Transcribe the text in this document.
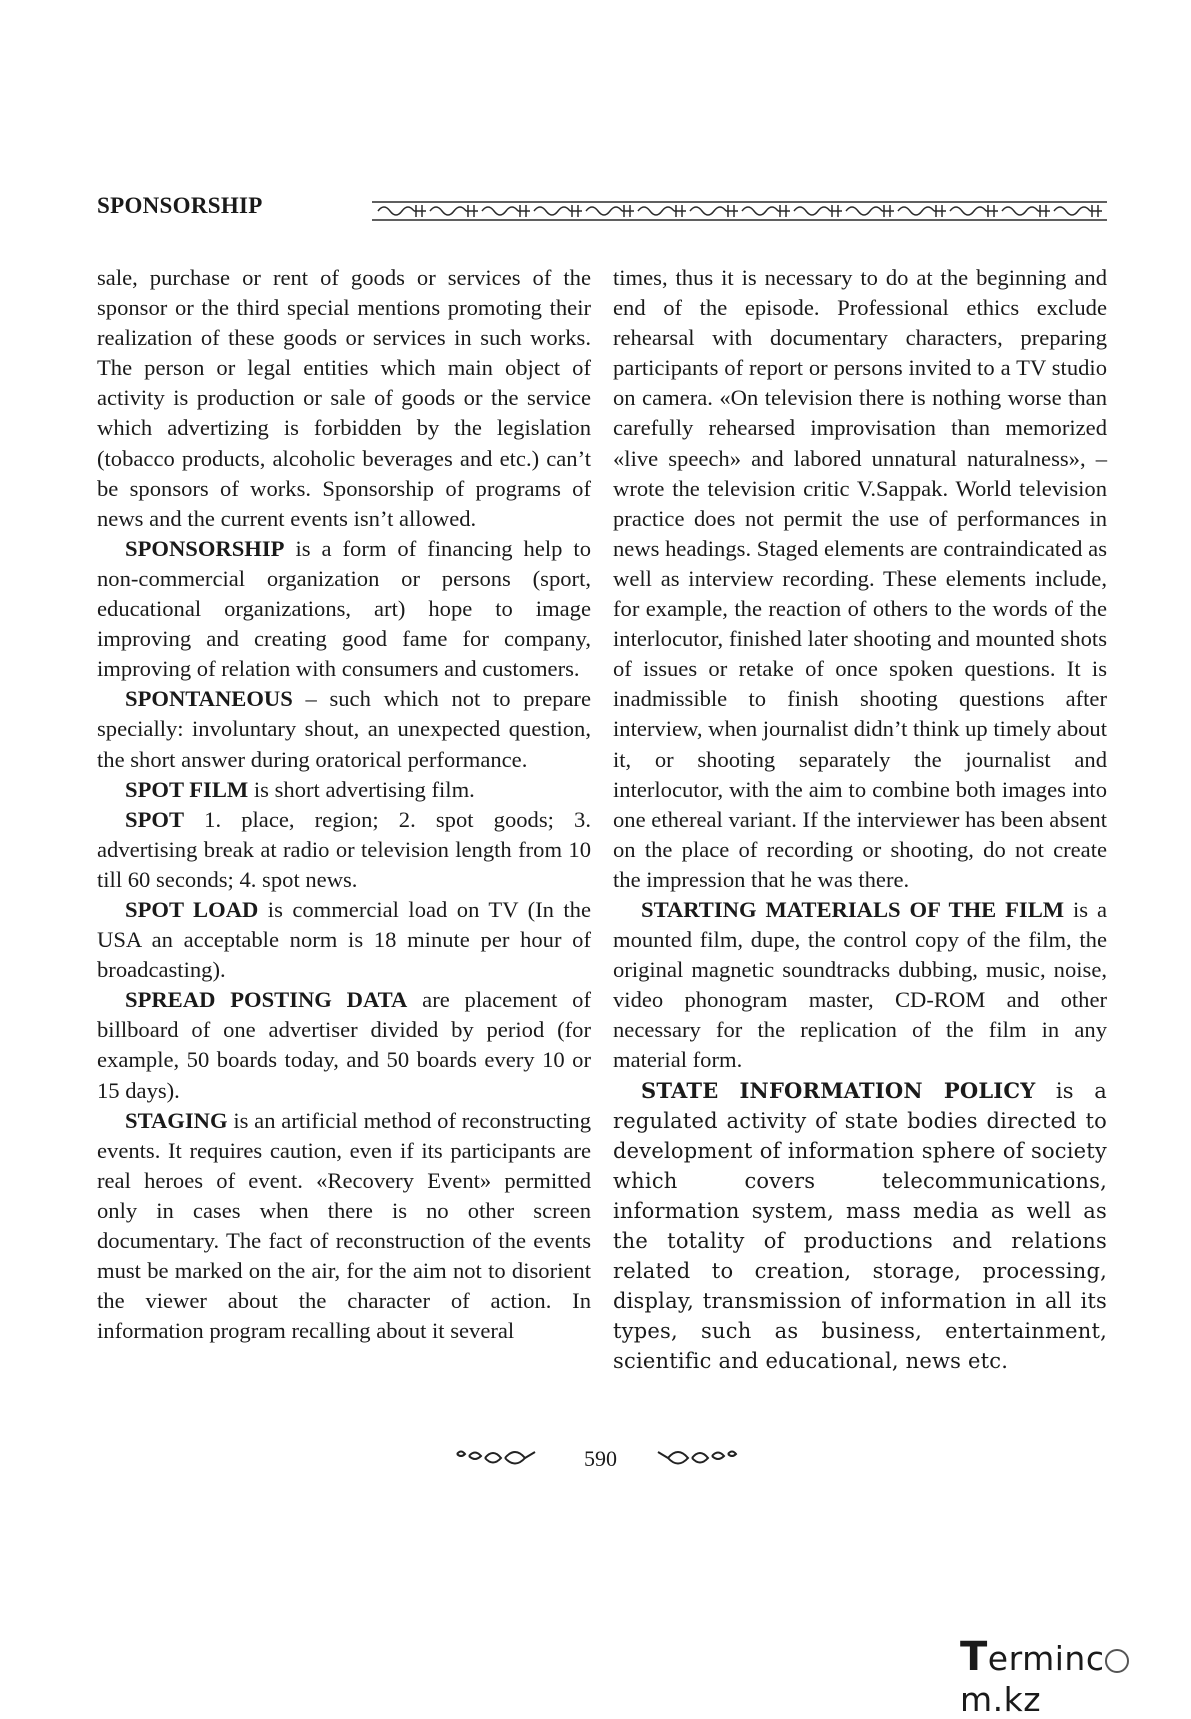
SPONSORSHIP

sale, purchase or rent of goods or services of the sponsor or the third special mentions promoting their realization of these goods or services in such works. The person or legal entities which main object of activity is production or sale of goods or the service which advertizing is forbidden by the legislation (tobacco products, alcoholic beverages and etc.) can’t be sponsors of works. Sponsorship of programs of news and the current events isn’t allowed.

SPONSORSHIP is a form of financing help to non-commercial organization or persons (sport, educational organizations, art) hope to image improving and creating good fame for company, improving of relation with consumers and customers.

SPONTANEOUS – such which not to prepare specially: involuntary shout, an unexpected question, the short answer during oratorical performance.

SPOT FILM is short advertising film.

SPOT 1. place, region; 2. spot goods; 3. advertising break at radio or television length from 10 till 60 seconds; 4. spot news.

SPOT LOAD is commercial load on TV (In the USA an acceptable norm is 18 minute per hour of broadcasting).

SPREAD POSTING DATA are placement of billboard of one advertiser divided by period (for example, 50 boards today, and 50 boards every 10 or 15 days).

STAGING is an artificial method of reconstructing events. It requires caution, even if its participants are real heroes of event. «Recovery Event» permitted only in cases when there is no other screen documentary. The fact of reconstruction of the events must be marked on the air, for the aim not to disorient the viewer about the character of action. In information program recalling about it several

times, thus it is necessary to do at the beginning and end of the episode. Professional ethics exclude rehearsal with documentary characters, preparing participants of report or persons invited to a TV studio on camera. «On television there is nothing worse than carefully rehearsed improvisation than memorized «live speech» and labored unnatural naturalness», – wrote the television critic V.Sappak. World television practice does not permit the use of performances in news headings. Staged elements are contraindicated as well as interview recording. These elements include, for example, the reaction of others to the words of the interlocutor, finished later shooting and mounted shots of issues or retake of once spoken questions. It is inadmissible to finish shooting questions after interview, when journalist didn’t think up timely about it, or shooting separately the journalist and interlocutor, with the aim to combine both images into one ethereal variant. If the interviewer has been absent on the place of recording or shooting, do not create the impression that he was there.

STARTING MATERIALS OF THE FILM is a mounted film, dupe, the control copy of the film, the original magnetic soundtracks dubbing, music, noise, video phonogram master, CD-ROM and other necessary for the replication of the film in any material form.

STATE INFORMATION POLICY is a regulated activity of state bodies directed to development of information sphere of society which covers telecommunications, information system, mass media as well as the totality of productions and relations related to creation, storage, processing, display, transmission of information in all its types, such as business, entertainment, scientific and educational, news etc.

590
Termincm.kz
